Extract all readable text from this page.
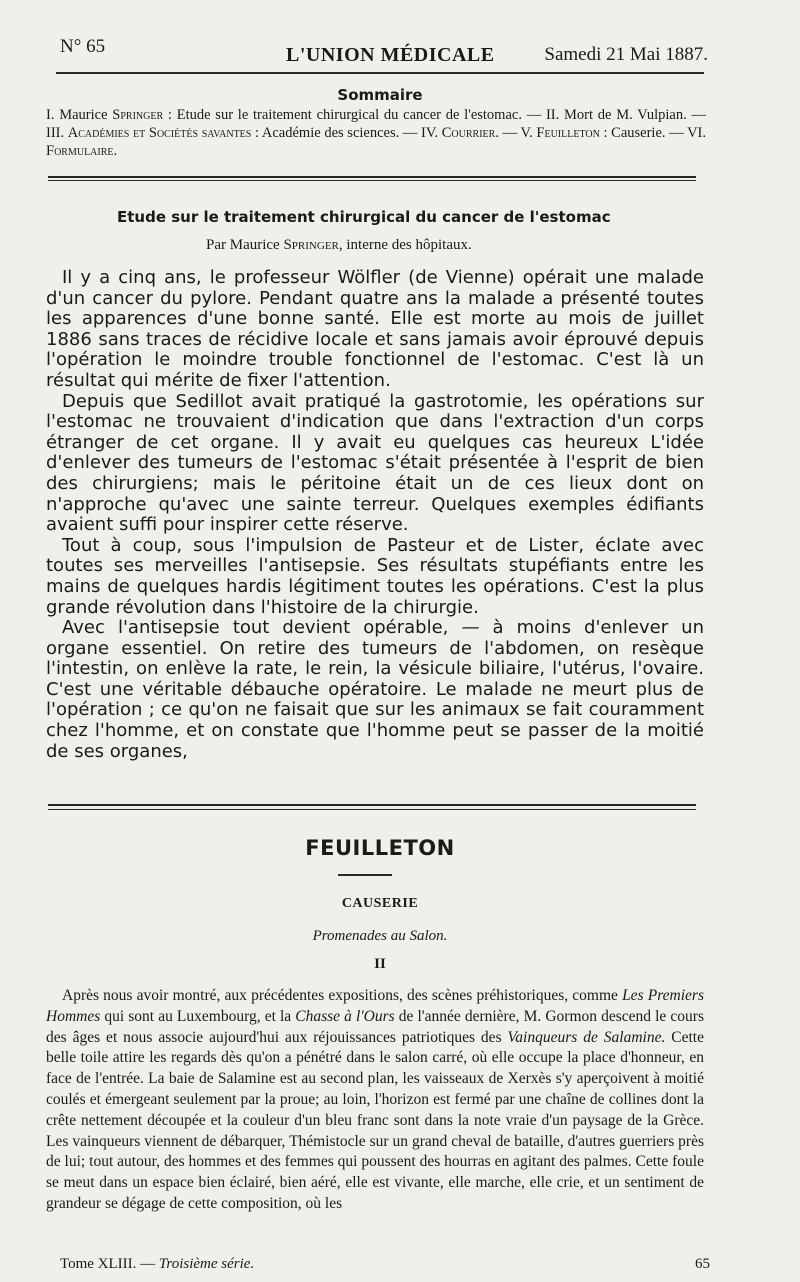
N° 65	L'UNION MÉDICALE	Samedi 21 Mai 1887.
Sommaire
I. Maurice Springer : Etude sur le traitement chirurgical du cancer de l'estomac. — II. Mort de M. Vulpian. — III. Académies et Sociétés savantes : Académie des sciences. — IV. Courrier. — V. Feuilleton : Causerie. — VI. Formulaire.
Etude sur le traitement chirurgical du cancer de l'estomac
Par Maurice Springer, interne des hôpitaux.

Il y a cinq ans, le professeur Wölfler (de Vienne) opérait une malade d'un cancer du pylore. Pendant quatre ans la malade a présenté toutes les apparences d'une bonne santé. Elle est morte au mois de juillet 1886 sans traces de récidive locale et sans jamais avoir éprouvé depuis l'opération le moindre trouble fonctionnel de l'estomac. C'est là un résultat qui mérite de fixer l'attention.

Depuis que Sedillot avait pratiqué la gastrotomie, les opérations sur l'estomac ne trouvaient d'indication que dans l'extraction d'un corps étranger de cet organe. Il y avait eu quelques cas heureux L'idée d'enlever des tumeurs de l'estomac s'était présentée à l'esprit de bien des chirurgiens; mais le péritoine était un de ces lieux dont on n'approche qu'avec une sainte terreur. Quelques exemples édifiants avaient suffi pour inspirer cette réserve.

Tout à coup, sous l'impulsion de Pasteur et de Lister, éclate avec toutes ses merveilles l'antisepsie. Ses résultats stupéfiants entre les mains de quelques hardis légitiment toutes les opérations. C'est la plus grande révolution dans l'histoire de la chirurgie.

Avec l'antisepsie tout devient opérable, — à moins d'enlever un organe essentiel. On retire des tumeurs de l'abdomen, on resèque l'intestin, on enlève la rate, le rein, la vésicule biliaire, l'utérus, l'ovaire. C'est une véritable débauche opératoire. Le malade ne meurt plus de l'opération ; ce qu'on ne faisait que sur les animaux se fait couramment chez l'homme, et on constate que l'homme peut se passer de la moitié de ses organes,

FEUILLETON
CAUSERIE
Promenades au Salon.
II

Après nous avoir montré, aux précédentes expositions, des scènes préhistoriques, comme Les Premiers Hommes qui sont au Luxembourg, et la Chasse à l'Ours de l'année dernière, M. Gormon descend le cours des âges et nous associe aujourd'hui aux réjouissances patriotiques des Vainqueurs de Salamine. Cette belle toile attire les regards dès qu'on a pénétré dans le salon carré, où elle occupe la place d'honneur, en face de l'entrée. La baie de Salamine est au second plan, les vaisseaux de Xerxès s'y aperçoivent à moitié coulés et émergeant seulement par la proue; au loin, l'horizon est fermé par une chaîne de collines dont la crête nettement découpée et la couleur d'un bleu franc sont dans la note vraie d'un paysage de la Grèce. Les vainqueurs viennent de débarquer, Thémistocle sur un grand cheval de bataille, d'autres guerriers près de lui; tout autour, des hommes et des femmes qui poussent des hourras en agitant des palmes. Cette foule se meut dans un espace bien éclairé, bien aéré, elle est vivante, elle marche, elle crie, et un sentiment de grandeur se dégage de cette composition, où les

Tome XLIII. — Troisième série.	65
